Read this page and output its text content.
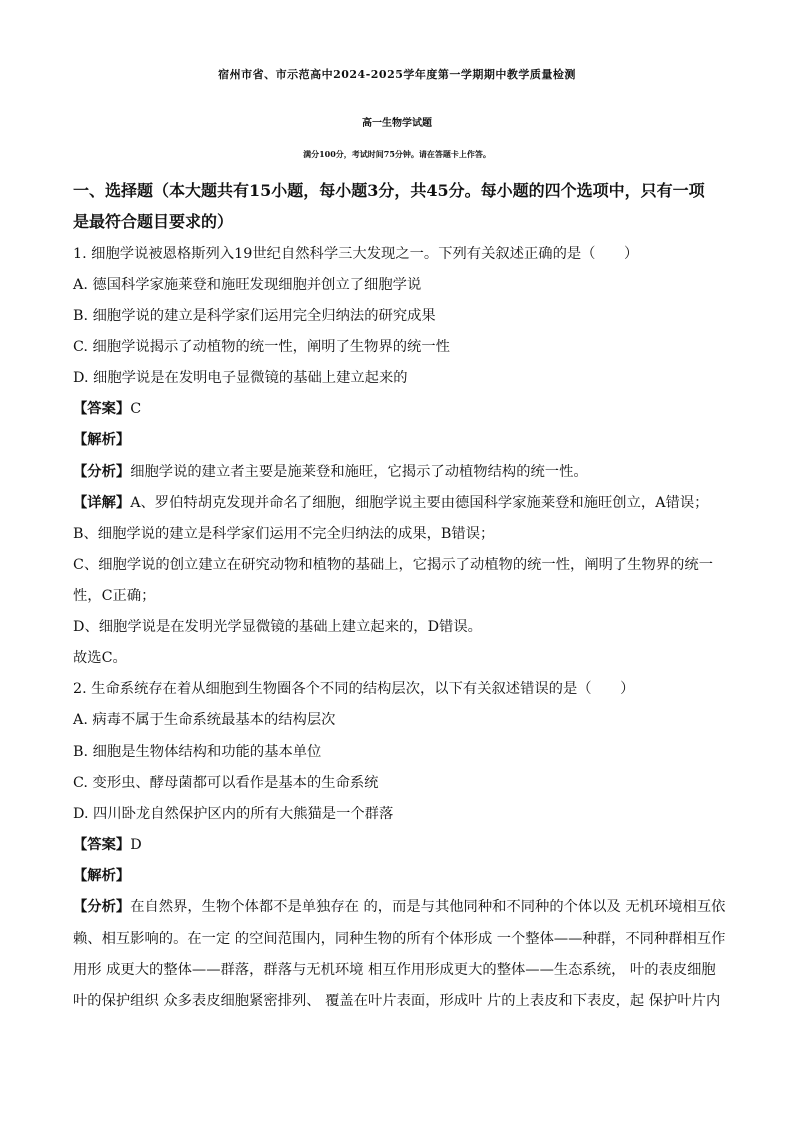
宿州市省、市示范高中2024-2025学年度第一学期期中教学质量检测
高一生物学试题
满分100分，考试时间75分钟。请在答题卡上作答。
一、选择题（本大题共有15小题，每小题3分，共45分。每小题的四个选项中，只有一项
是最符合题目要求的）
1. 细胞学说被恩格斯列入19世纪自然科学三大发现之一。下列有关叙述正确的是（　　）
A. 德国科学家施莱登和施旺发现细胞并创立了细胞学说
B. 细胞学说的建立是科学家们运用完全归纳法的研究成果
C. 细胞学说揭示了动植物的统一性，阐明了生物界的统一性
D. 细胞学说是在发明电子显微镜的基础上建立起来的
【答案】C
【解析】
【分析】细胞学说的建立者主要是施莱登和施旺，它揭示了动植物结构的统一性。
【详解】A、罗伯特胡克发现并命名了细胞，细胞学说主要由德国科学家施莱登和施旺创立，A错误；
B、细胞学说的建立是科学家们运用不完全归纳法的成果，B错误；
C、细胞学说的创立建立在研究动物和植物的基础上，它揭示了动植物的统一性，阐明了生物界的统一
性，C正确；
D、细胞学说是在发明光学显微镜的基础上建立起来的，D错误。
故选C。
2. 生命系统存在着从细胞到生物圈各个不同的结构层次，以下有关叙述错误的是（　　）
A. 病毒不属于生命系统最基本的结构层次
B. 细胞是生物体结构和功能的基本单位
C. 变形虫、酵母菌都可以看作是基本的生命系统
D. 四川卧龙自然保护区内的所有大熊猫是一个群落
【答案】D
【解析】
【分析】在自然界，生物个体都不是单独存在 的，而是与其他同种和不同种的个体以及 无机环境相互依
赖、相互影响的。在一定 的空间范围内，同种生物的所有个体形成 一个整体——种群，不同种群相互作
用形 成更大的整体——群落，群落与无机环境 相互作用形成更大的整体——生态系统， 叶的表皮细胞
叶的保护组织 众多表皮细胞紧密排列、 覆盖在叶片表面，形成叶 片的上表皮和下表皮，起 保护叶片内
